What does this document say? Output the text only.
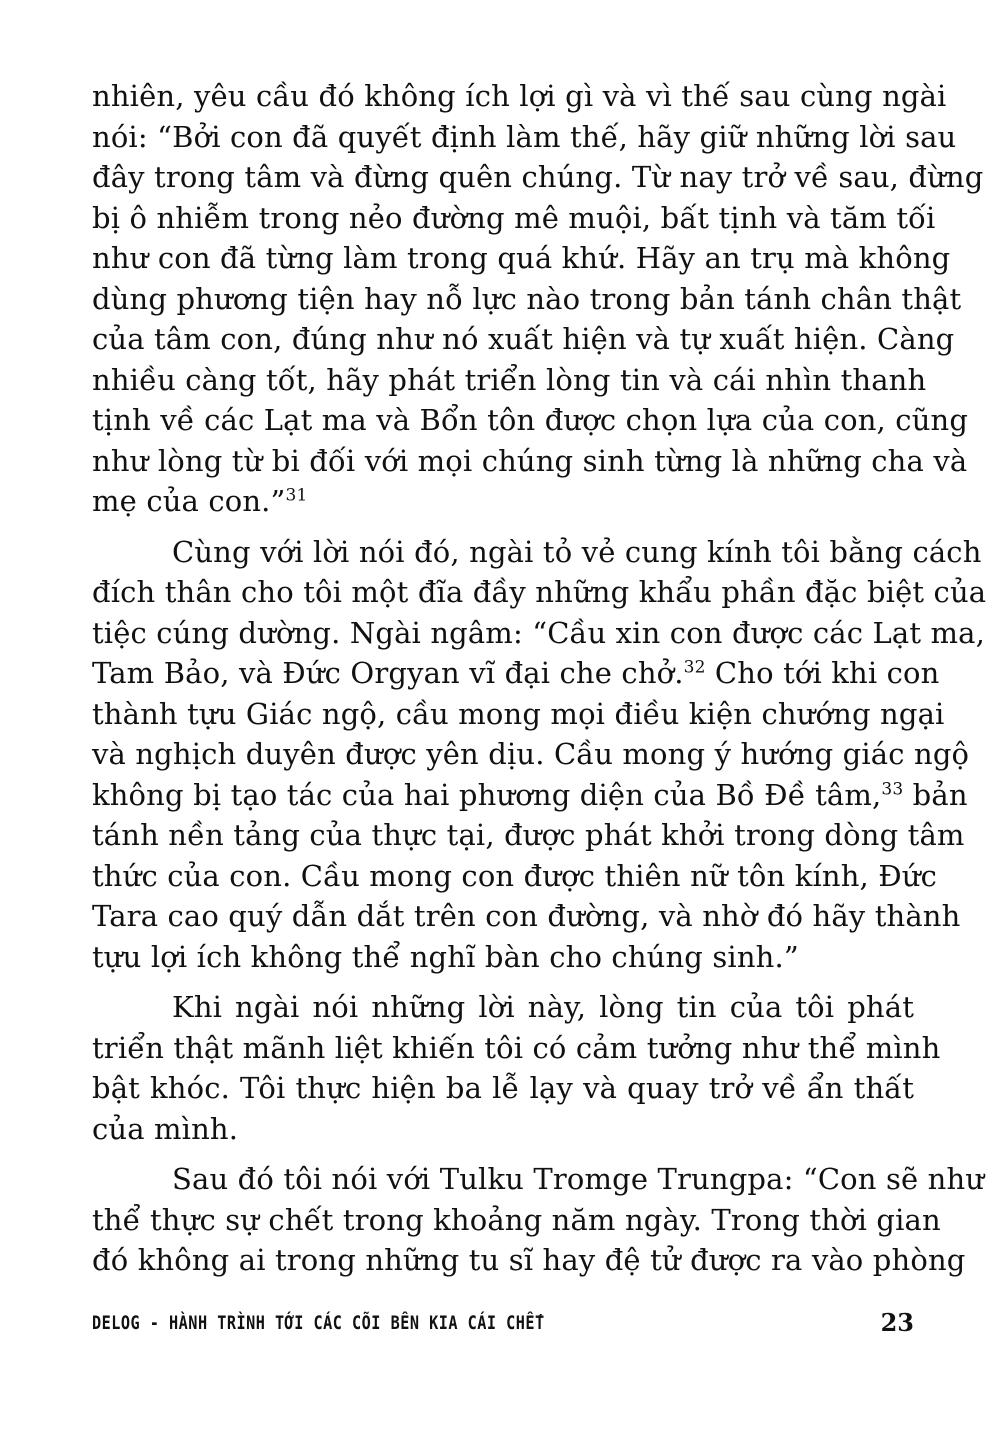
nhiên, yêu cầu đó không ích lợi gì và vì thế sau cùng ngài
nói: “Bởi con đã quyết định làm thế, hãy giữ những lời sau
đây trong tâm và đừng quên chúng. Từ nay trở về sau, đừng
bị ô nhiễm trong nẻo đường mê muội, bất tịnh và tăm tối
như con đã từng làm trong quá khứ. Hãy an trụ mà không
dùng phương tiện hay nỗ lực nào trong bản tánh chân thật
của tâm con, đúng như nó xuất hiện và tự xuất hiện. Càng
nhiều càng tốt, hãy phát triển lòng tin và cái nhìn thanh
tịnh về các Lạt ma và Bổn tôn được chọn lựa của con, cũng
như lòng từ bi đối với mọi chúng sinh từng là những cha và
mẹ của con.”$^{31}$
Cùng với lời nói đó, ngài tỏ vẻ cung kính tôi bằng cách
đích thân cho tôi một đĩa đầy những khẩu phần đặc biệt của
tiệc cúng dường. Ngài ngâm: “Cầu xin con được các Lạt ma,
Tam Bảo, và Đức Orgyan vĩ đại che chở.$^{32}$ Cho tới khi con
thành tựu Giác ngộ, cầu mong mọi điều kiện chướng ngại
và nghịch duyên được yên dịu. Cầu mong ý hướng giác ngộ
không bị tạo tác của hai phương diện của Bồ Đề tâm,$^{33}$ bản
tánh nền tảng của thực tại, được phát khởi trong dòng tâm
thức của con. Cầu mong con được thiên nữ tôn kính, Đức
Tara cao quý dẫn dắt trên con đường, và nhờ đó hãy thành
tựu lợi ích không thể nghĩ bàn cho chúng sinh.”
Khi ngài nói những lời này, lòng tin của tôi phát
triển thật mãnh liệt khiến tôi có cảm tưởng như thể mình
bật khóc. Tôi thực hiện ba lễ lạy và quay trở về ẩn thất
của mình.
Sau đó tôi nói với Tulku Tromge Trungpa: “Con sẽ như
thể thực sự chết trong khoảng năm ngày. Trong thời gian
đó không ai trong những tu sĩ hay đệ tử được ra vào phòng
DELOG - HÀNH TRÌNH TỚI CÁC CÕI BÊN KIA CÁI CHẾT	23
